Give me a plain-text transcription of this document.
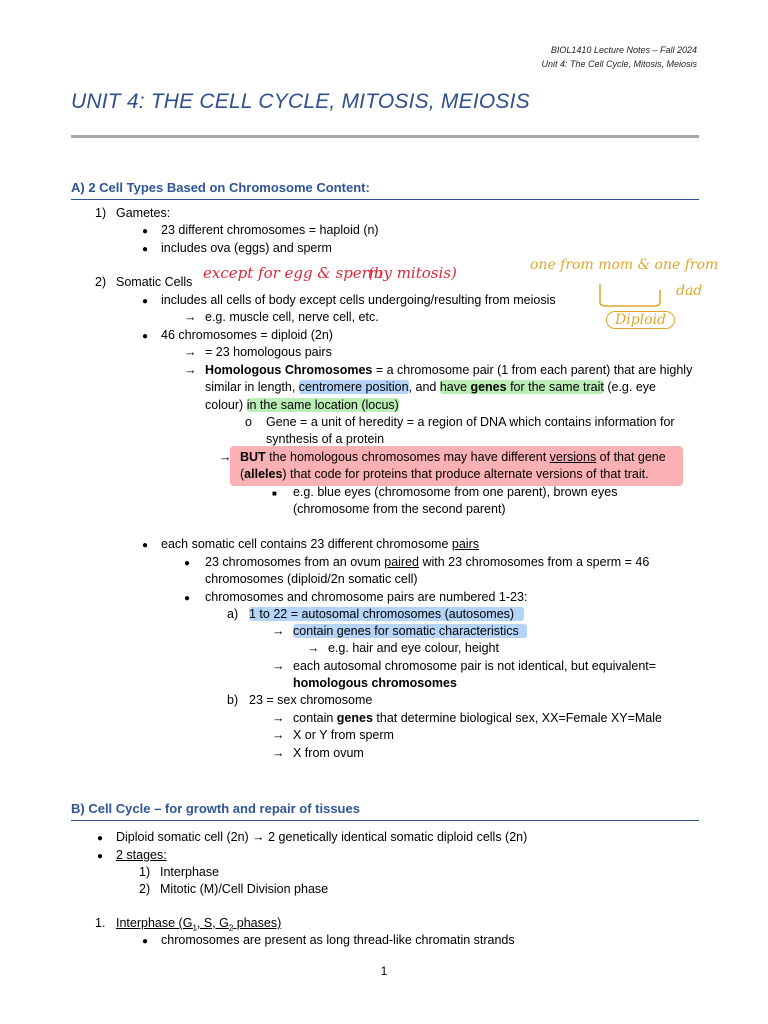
BIOL1410 Lecture Notes – Fall 2024
Unit 4: The Cell Cycle, Mitosis, Meiosis
UNIT 4: THE CELL CYCLE, MITOSIS, MEIOSIS
A) 2 Cell Types Based on Chromosome Content:
1) Gametes:
● 23 different chromosomes = haploid (n)
● includes ova (eggs) and sperm
2) Somatic Cells except for egg & sperm
(by mitosis)	one from mom & one from
dad
Diploid
● includes all cells of body except cells undergoing/resulting from meiosis
→ e.g. muscle cell, nerve cell, etc.
● 46 chromosomes = diploid (2n)
→ = 23 homologous pairs
→ Homologous Chromosomes = a chromosome pair (1 from each parent) that are highly
similar in length, centromere position, and have genes for the same trait (e.g. eye
colour) in the same location (locus)
o Gene = a unit of heredity = a region of DNA which contains information for
synthesis of a protein
→ BUT the homologous chromosomes may have different versions of that gene
(alleles) that code for proteins that produce alternate versions of that trait.
■ e.g. blue eyes (chromosome from one parent), brown eyes
(chromosome from the second parent)
● each somatic cell contains 23 different chromosome pairs
● 23 chromosomes from an ovum paired with 23 chromosomes from a sperm = 46
chromosomes (diploid/2n somatic cell)
● chromosomes and chromosome pairs are numbered 1-23:
a) 1 to 22 = autosomal chromosomes (autosomes)
→ contain genes for somatic characteristics
→ e.g. hair and eye colour, height
→ each autosomal chromosome pair is not identical, but equivalent=
homologous chromosomes
b) 23 = sex chromosome
→ contain genes that determine biological sex, XX=Female XY=Male
→ X or Y from sperm
→ X from ovum
B) Cell Cycle – for growth and repair of tissues
● Diploid somatic cell (2n) → 2 genetically identical somatic diploid cells (2n)
● 2 stages:
1) Interphase
2) Mitotic (M)/Cell Division phase
1. Interphase ($G_1$, S, $G_2$ phases)
● chromosomes are present as long thread-like chromatin strands
1
